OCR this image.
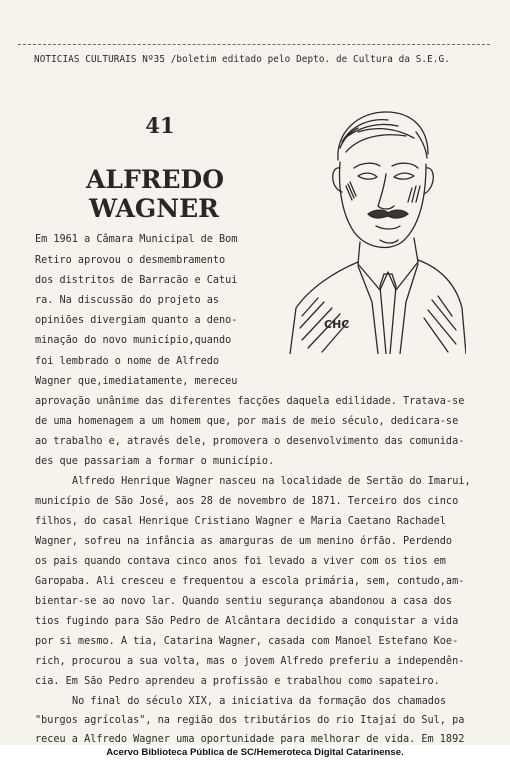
NOTICIAS CULTURAIS Nº35 /boletim editado pelo Depto. de Cultura da S.E.G.
41
ALFREDO
WAGNER
CHC
Em 1961 a Câmara Municipal de Bom
Retiro aprovou o desmembramento
dos distritos de Barracão e Catui
ra. Na discussão do projeto as
opiniões divergiam quanto a deno-
minação do novo município,quando
foi lembrado o nome de Alfredo
Wagner que,imediatamente, mereceu
aprovação unânime das diferentes facções daquela edilidade. Tratava-se
de uma homenagem a um homem que, por mais de meio século, dedicara-se
ao trabalho e, através dele, promovera o desenvolvimento das comunida-
des que passariam a formar o município.
Alfredo Henrique Wagner nasceu na localidade de Sertão do Imarui,
município de São José, aos 28 de novembro de 1871. Terceiro dos cinco
filhos, do casal Henrique Cristiano Wagner e Maria Caetano Rachadel
Wagner, sofreu na infância as amarguras de um menino órfão. Perdendo
os pais quando contava cinco anos foi levado a viver com os tios em
Garopaba. Ali cresceu e frequentou a escola primária, sem, contudo,am-
bientar-se ao novo lar. Quando sentiu segurança abandonou a casa dos
tios fugindo para São Pedro de Alcântara decidido a conquistar a vida
por si mesmo. A tia, Catarina Wagner, casada com Manoel Estefano Koe-
rich, procurou a sua volta, mas o jovem Alfredo preferiu a independên-
cia. Em São Pedro aprendeu a profissão e trabalhou como sapateiro.
No final do século XIX, a iniciativa da formação dos chamados
"burgos agrícolas", na região dos tributários do rio Itajaí do Sul, pa
receu a Alfredo Wagner uma oportunidade para melhorar de vida. Em 1892
Acervo Biblioteca Pública de SC/Hemeroteca Digital Catarinense.
